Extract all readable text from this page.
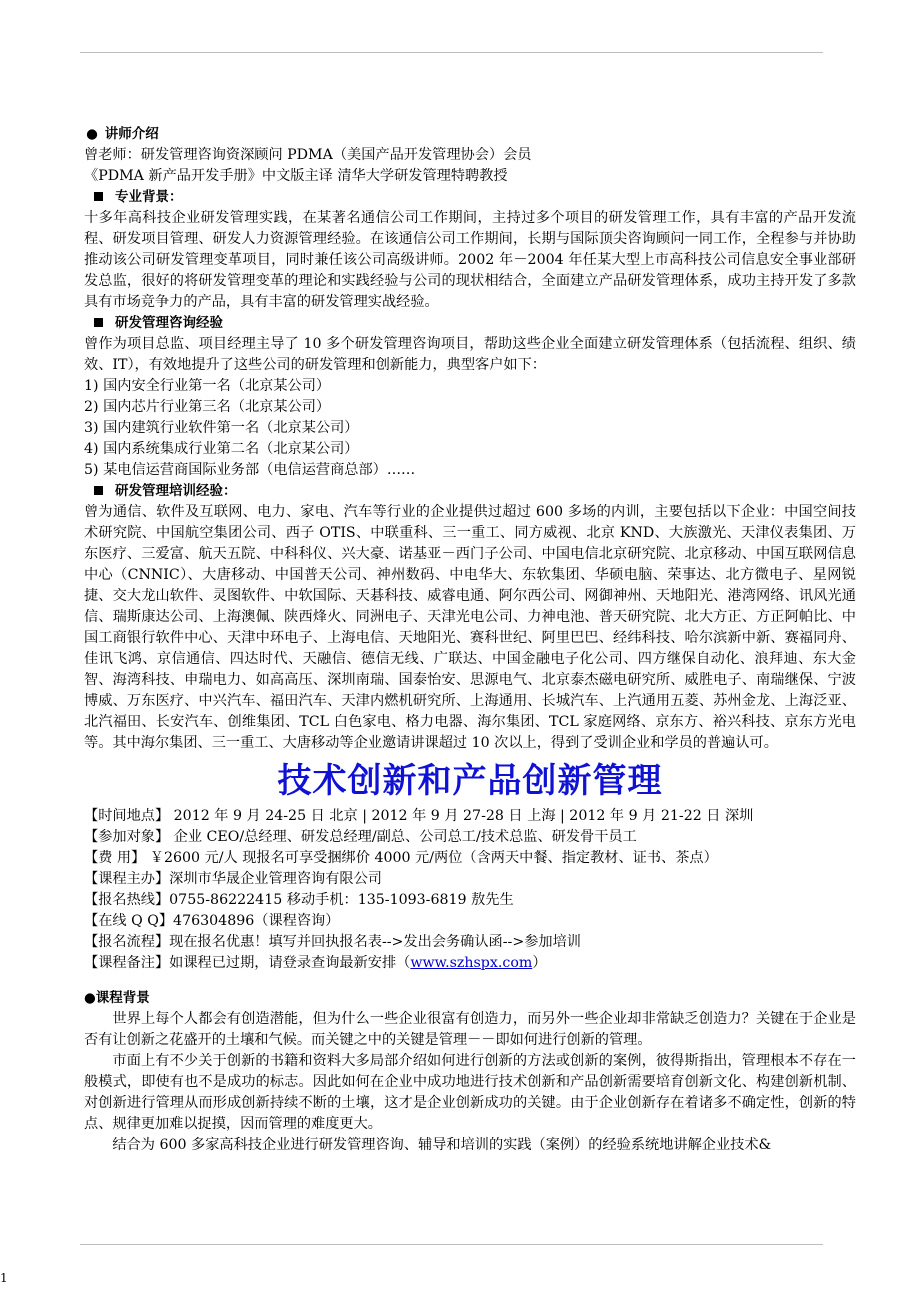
● 讲师介绍
曾老师：研发管理咨询资深顾问 PDMA（美国产品开发管理协会）会员
《PDMA 新产品开发手册》中文版主译 清华大学研发管理特聘教授
专业背景：
十多年高科技企业研发管理实践，在某著名通信公司工作期间，主持过多个项目的研发管理工作，具有丰富的产品开发流程、研发项目管理、研发人力资源管理经验。在该通信公司工作期间，长期与国际顶尖咨询顾问一同工作，全程参与并协助推动该公司研发管理变革项目，同时兼任该公司高级讲师。2002 年－2004 年任某大型上市高科技公司信息安全事业部研发总监，很好的将研发管理变革的理论和实践经验与公司的现状相结合，全面建立产品研发管理体系，成功主持开发了多款具有市场竞争力的产品，具有丰富的研发管理实战经验。
研发管理咨询经验
曾作为项目总监、项目经理主导了 10 多个研发管理咨询项目，帮助这些企业全面建立研发管理体系（包括流程、组织、绩效、IT），有效地提升了这些公司的研发管理和创新能力，典型客户如下：
1) 国内安全行业第一名（北京某公司）
2) 国内芯片行业第三名（北京某公司）
3) 国内建筑行业软件第一名（北京某公司）
4) 国内系统集成行业第二名（北京某公司）
5) 某电信运营商国际业务部（电信运营商总部）……
研发管理培训经验：
曾为通信、软件及互联网、电力、家电、汽车等行业的企业提供过超过 600 多场的内训，主要包括以下企业：中国空间技术研究院、中国航空集团公司、西子 OTIS、中联重科、三一重工、同方威视、北京 KND、大族激光、天津仪表集团、万东医疗、三爱富、航天五院、中科科仪、兴大豪、诺基亚－西门子公司、中国电信北京研究院、北京移动、中国互联网信息中心（CNNIC）、大唐移动、中国普天公司、神州数码、中电华大、东软集团、华硕电脑、荣事达、北方微电子、星网锐捷、交大龙山软件、灵图软件、中软国际、天碁科技、威睿电通、阿尔西公司、网御神州、天地阳光、港湾网络、讯风光通信、瑞斯康达公司、上海澳佩、陕西烽火、同洲电子、天津光电公司、力神电池、普天研究院、北大方正、方正阿帕比、中国工商银行软件中心、天津中环电子、上海电信、天地阳光、赛科世纪、阿里巴巴、经纬科技、哈尔滨新中新、赛福同舟、佳讯飞鸿、京信通信、四达时代、天融信、德信无线、广联达、中国金融电子化公司、四方继保自动化、浪拜迪、东大金智、海湾科技、申瑞电力、如高高压、深圳南瑞、国泰怡安、思源电气、北京泰杰磁电研究所、威胜电子、南瑞继保、宁波博威、万东医疗、中兴汽车、福田汽车、天津内燃机研究所、上海通用、长城汽车、上汽通用五菱、苏州金龙、上海泛亚、北汽福田、长安汽车、创维集团、TCL 白色家电、格力电器、海尔集团、TCL 家庭网络、京东方、裕兴科技、京东方光电等。其中海尔集团、三一重工、大唐移动等企业邀请讲课超过 10 次以上，得到了受训企业和学员的普遍认可。
技术创新和产品创新管理
【时间地点】 2012 年 9 月 24-25 日 北京 | 2012 年 9 月 27-28 日 上海 | 2012 年 9 月 21-22 日 深圳
【参加对象】 企业 CEO/总经理、研发总经理/副总、公司总工/技术总监、研发骨干员工
【费 用】 ￥2600 元/人 现报名可享受捆绑价 4000 元/两位（含两天中餐、指定教材、证书、茶点）
【课程主办】深圳市华晟企业管理咨询有限公司
【报名热线】0755-86222415 移动手机：135-1093-6819 敖先生
【在线 Q Q】476304896（课程咨询）
【报名流程】现在报名优惠！填写并回执报名表-->发出会务确认函-->参加培训
【课程备注】如课程已过期，请登录查询最新安排（www.szhspx.com）
●课程背景
世界上每个人都会有创造潜能，但为什么一些企业很富有创造力，而另外一些企业却非常缺乏创造力？关键在于企业是否有让创新之花盛开的土壤和气候。而关键之中的关键是管理－－即如何进行创新的管理。
市面上有不少关于创新的书籍和资料大多局部介绍如何进行创新的方法或创新的案例，彼得斯指出，管理根本不存在一般模式，即使有也不是成功的标志。因此如何在企业中成功地进行技术创新和产品创新需要培育创新文化、构建创新机制、对创新进行管理从而形成创新持续不断的土壤，这才是企业创新成功的关键。由于企业创新存在着诸多不确定性，创新的特点、规律更加难以捉摸，因而管理的难度更大。
结合为 600 多家高科技企业进行研发管理咨询、辅导和培训的实践（案例）的经验系统地讲解企业技术&
1
